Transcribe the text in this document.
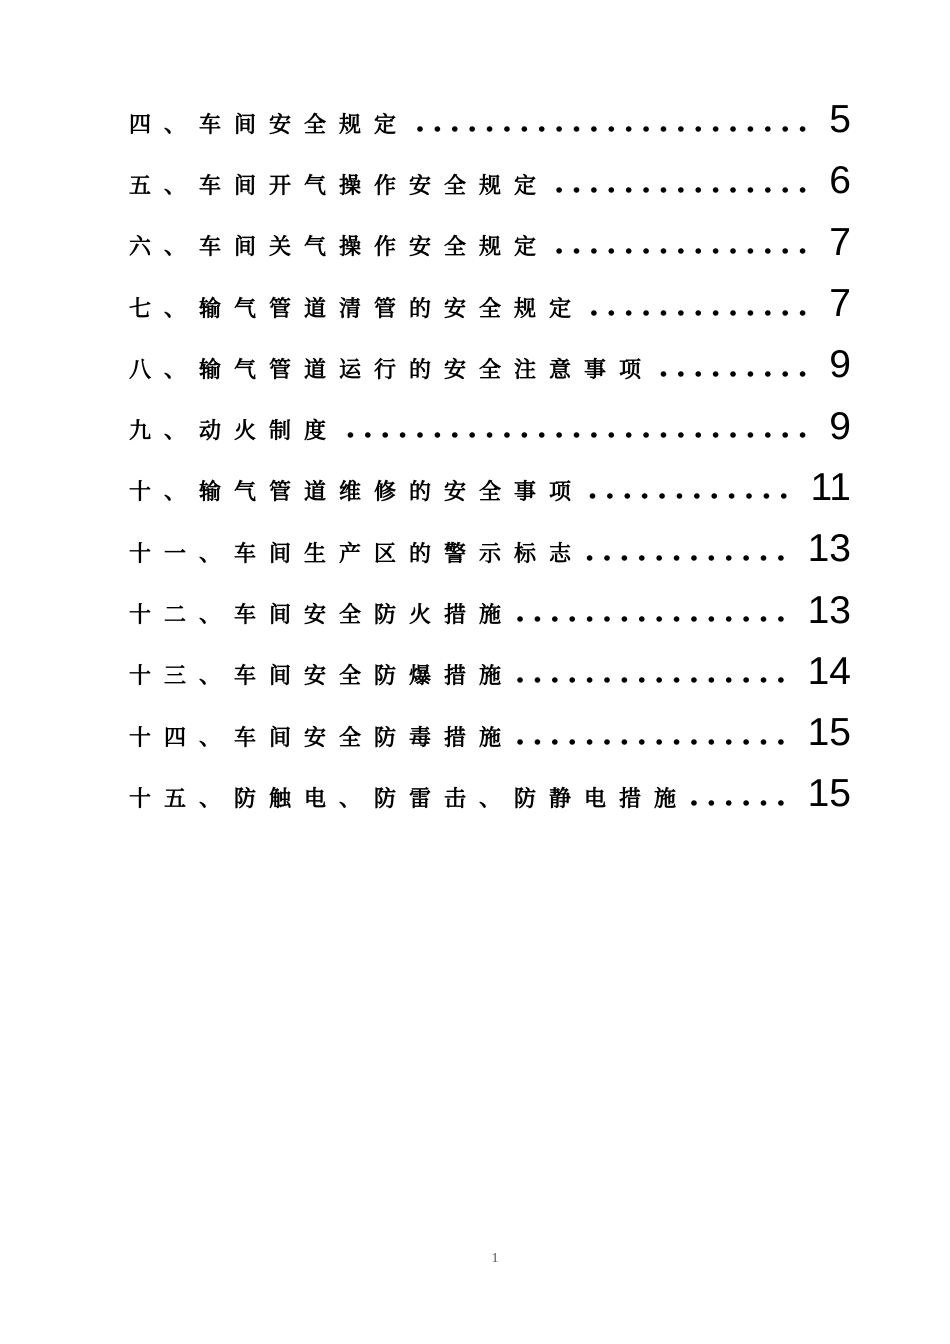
四、车间安全规定	5
五、车间开气操作安全规定	6
六、车间关气操作安全规定	7
七、输气管道清管的安全规定	7
八、输气管道运行的安全注意事项	9
九、动火制度	9
十、输气管道维修的安全事项	11
十一、车间生产区的警示标志	13
十二、车间安全防火措施	13
十三、车间安全防爆措施	14
十四、车间安全防毒措施	15
十五、防触电、防雷击、防静电措施	15
1
